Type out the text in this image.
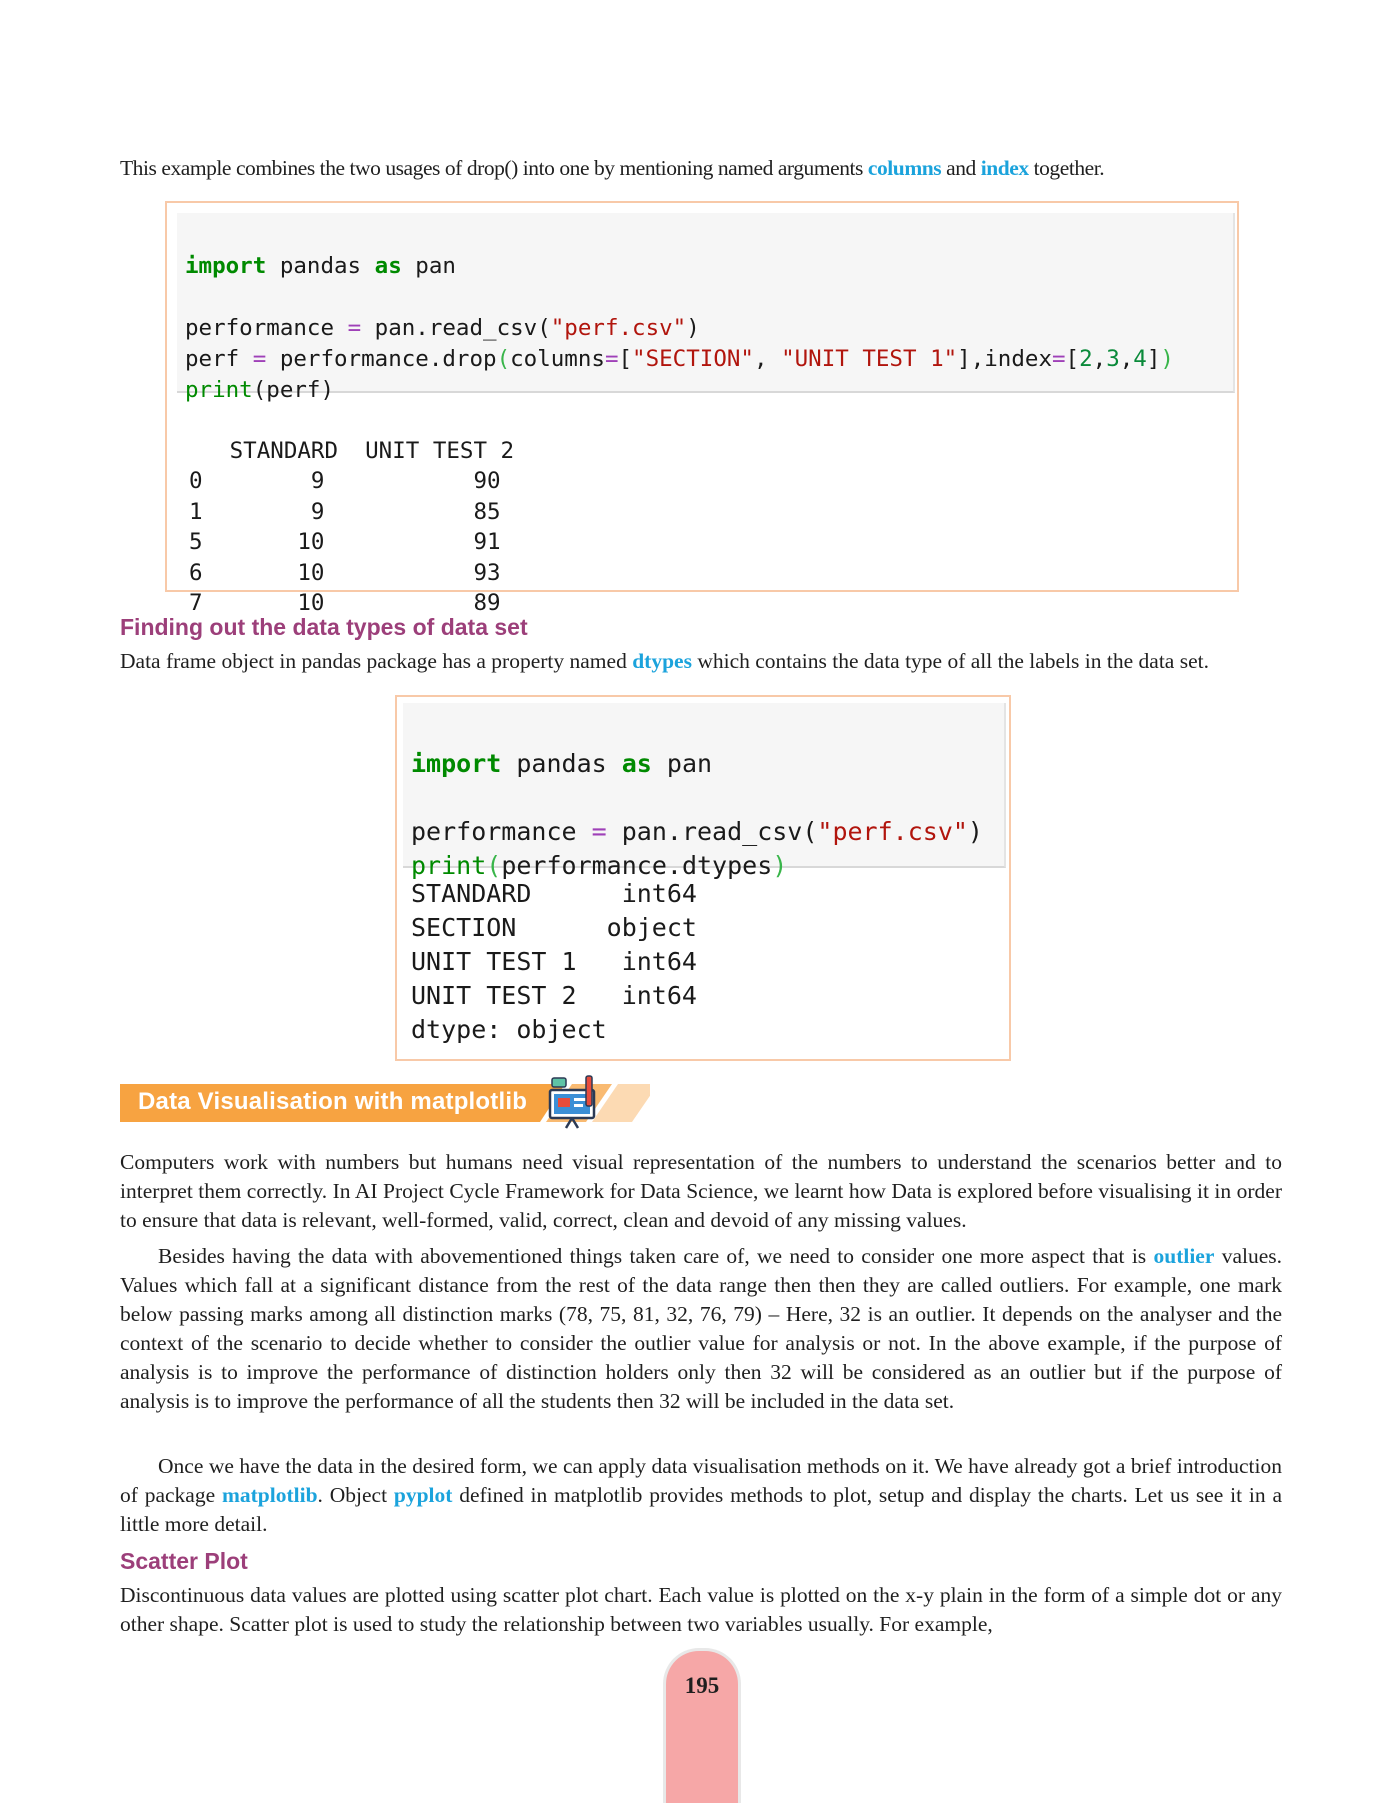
This example combines the two usages of drop() into one by mentioning named arguments columns and index together.

import pandas as pan

performance = pan.read_csv("perf.csv")
perf = performance.drop(columns=["SECTION", "UNIT TEST 1"],index=[2,3,4])
print(perf)

STANDARD  UNIT TEST 2
0	9	90
1	9	85
5	10	91
6	10	93
7	10	89

Finding out the data types of data set

Data frame object in pandas package has a property named dtypes which contains the data type of all the labels in the data set.

import pandas as pan

performance = pan.read_csv("perf.csv")
print(performance.dtypes)

STANDARD	int64
SECTION	object
UNIT TEST 1 int64
UNIT TEST 2 int64
dtype: object
Data Visualisation with matplotlib

Computers work with numbers but humans need visual representation of the numbers to understand the scenarios better and to interpret them correctly. In AI Project Cycle Framework for Data Science, we learnt how Data is explored before visualising it in order to ensure that data is relevant, well-formed, valid, correct, clean and devoid of any missing values.

Besides having the data with abovementioned things taken care of, we need to consider one more aspect that is outlier values. Values which fall at a significant distance from the rest of the data range then then they are called outliers. For example, one mark below passing marks among all distinction marks (78, 75, 81, 32, 76, 79) – Here, 32 is an outlier. It depends on the analyser and the context of the scenario to decide whether to consider the outlier value for analysis or not. In the above example, if the purpose of analysis is to improve the performance of distinction holders only then 32 will be considered as an outlier but if the purpose of analysis is to improve the performance of all the students then 32 will be included in the data set.

Once we have the data in the desired form, we can apply data visualisation methods on it. We have already got a brief introduction of package matplotlib. Object pyplot defined in matplotlib provides methods to plot, setup and display the charts. Let us see it in a little more detail.

Scatter Plot

Discontinuous data values are plotted using scatter plot chart. Each value is plotted on the x-y plain in the form of a simple dot or any other shape. Scatter plot is used to study the relationship between two variables usually. For example,

195
